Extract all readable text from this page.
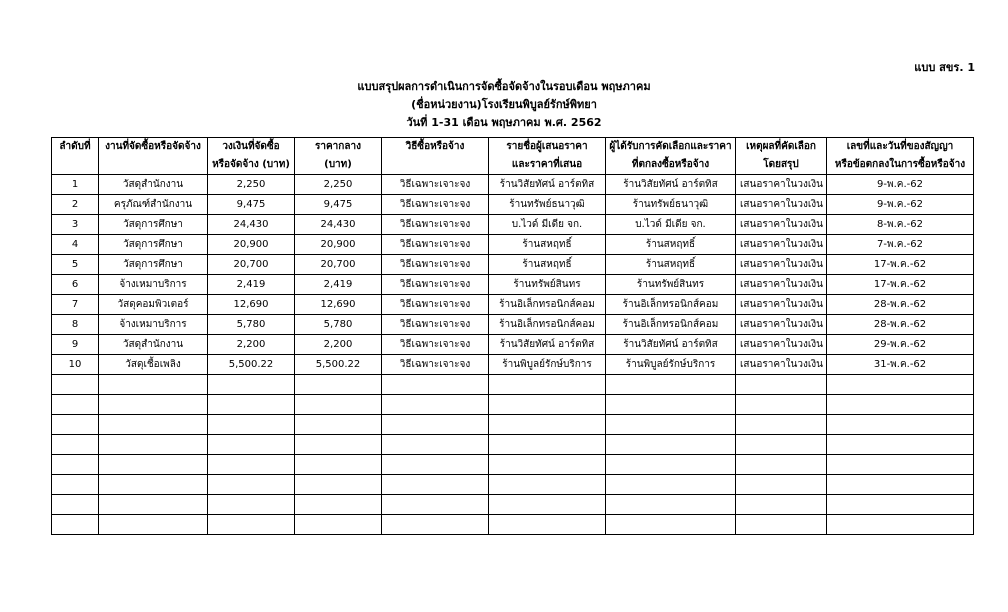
แบบ สขร. 1
แบบสรุปผลการดำเนินการจัดซื้อจัดจ้างในรอบเดือน พฤษภาคม
(ชื่อหน่วยงาน)โรงเรียนพิบูลย์รักษ์พิทยา
วันที่ 1-31 เดือน พฤษภาคม พ.ศ. 2562
ลำดับที่	งานที่จัดซื้อหรือจัดจ้าง	วงเงินที่จัดซื้อ	ราคากลาง	วิธีซื้อหรือจ้าง	รายชื่อผู้เสนอราคา	ผู้ได้รับการคัดเลือกและราคา	เหตุผลที่คัดเลือก	เลขที่และวันที่ของสัญญา
		หรือจัดจ้าง (บาท)	(บาท)		และราคาที่เสนอ	ที่ตกลงซื้อหรือจ้าง	โดยสรุป	หรือข้อตกลงในการซื้อหรือจ้าง
1	วัสดุสำนักงาน	2,250	2,250	วิธีเฉพาะเจาะจง	ร้านวิสัยทัศน์ อาร์ตทิส	ร้านวิสัยทัศน์ อาร์ตทิส	เสนอราคาในวงเงิน	9-พ.ค.-62
2	ครุภัณฑ์สำนักงาน	9,475	9,475	วิธีเฉพาะเจาะจง	ร้านทรัพย์ธนาวุฒิ	ร้านทรัพย์ธนาวุฒิ	เสนอราคาในวงเงิน	9-พ.ค.-62
3	วัสดุการศึกษา	24,430	24,430	วิธีเฉพาะเจาะจง	บ.ไวด์ มีเดีย จก.	บ.ไวด์ มีเดีย จก.	เสนอราคาในวงเงิน	8-พ.ค.-62
4	วัสดุการศึกษา	20,900	20,900	วิธีเฉพาะเจาะจง	ร้านสหฤทธิ์	ร้านสหฤทธิ์	เสนอราคาในวงเงิน	7-พ.ค.-62
5	วัสดุการศึกษา	20,700	20,700	วิธีเฉพาะเจาะจง	ร้านสหฤทธิ์	ร้านสหฤทธิ์	เสนอราคาในวงเงิน	17-พ.ค.-62
6	จ้างเหมาบริการ	2,419	2,419	วิธีเฉพาะเจาะจง	ร้านทรัพย์สินทร	ร้านทรัพย์สินทร	เสนอราคาในวงเงิน	17-พ.ค.-62
7	วัสดุคอมพิวเตอร์	12,690	12,690	วิธีเฉพาะเจาะจง	ร้านอิเล็กทรอนิกส์คอม	ร้านอิเล็กทรอนิกส์คอม	เสนอราคาในวงเงิน	28-พ.ค.-62
8	จ้างเหมาบริการ	5,780	5,780	วิธีเฉพาะเจาะจง	ร้านอิเล็กทรอนิกส์คอม	ร้านอิเล็กทรอนิกส์คอม	เสนอราคาในวงเงิน	28-พ.ค.-62
9	วัสดุสำนักงาน	2,200	2,200	วิธีเฉพาะเจาะจง	ร้านวิสัยทัศน์ อาร์ตทิส	ร้านวิสัยทัศน์ อาร์ตทิส	เสนอราคาในวงเงิน	29-พ.ค.-62
10	วัสดุเชื้อเพลิง	5,500.22	5,500.22	วิธีเฉพาะเจาะจง	ร้านพิบูลย์รักษ์บริการ	ร้านพิบูลย์รักษ์บริการ	เสนอราคาในวงเงิน	31-พ.ค.-62
